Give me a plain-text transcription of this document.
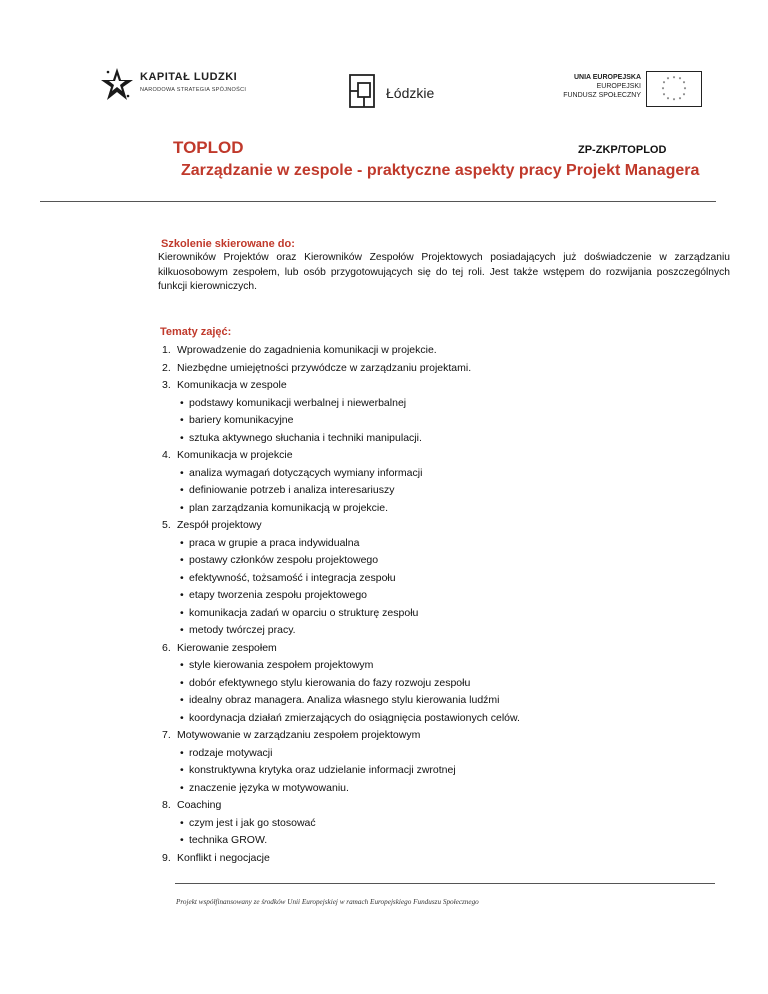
KAPITAŁ LUDZKI
NARODOWA STRATEGIA SPÓJNOŚCI	Łódzkie
UNIA EUROPEJSKA
EUROPEJSKI
FUNDUSZ SPOŁECZNY
* *
*
*
*
*
*
*
*
*
*
*
TOPLOD	ZP-ZKP/TOPLOD
Zarządzanie w zespole - praktyczne aspekty pracy Projekt Managera
Szkolenie skierowane do:
Kierowników Projektów oraz Kierowników Zespołów Projektowych posiadających już doświadczenie w zarządzaniu kilkuosobowym zespołem, lub osób przygotowujących się do tej roli. Jest także wstępem do rozwijania poszczególnych funkcji kierowniczych.
Tematy zajęć:
1. Wprowadzenie do zagadnienia komunikacji w projekcie.
2. Niezbędne umiejętności przywódcze w zarządzaniu projektami.
3. Komunikacja w zespole
• podstawy komunikacji werbalnej i niewerbalnej
• bariery komunikacyjne
• sztuka aktywnego słuchania i techniki manipulacji.
4. Komunikacja w projekcie
• analiza wymagań dotyczących wymiany informacji
• definiowanie potrzeb i analiza interesariuszy
• plan zarządzania komunikacją w projekcie.
5. Zespół projektowy
• praca w grupie a praca indywidualna
• postawy członków zespołu projektowego
• efektywność, tożsamość i integracja zespołu
• etapy tworzenia zespołu projektowego
• komunikacja zadań w oparciu o strukturę zespołu
• metody twórczej pracy.
6. Kierowanie zespołem
• style kierowania zespołem projektowym
• dobór efektywnego stylu kierowania do fazy rozwoju zespołu
• idealny obraz managera. Analiza własnego stylu kierowania ludźmi
• koordynacja działań zmierzających do osiągnięcia postawionych celów.
7. Motywowanie w zarządzaniu zespołem projektowym
• rodzaje motywacji
• konstruktywna krytyka oraz udzielanie informacji zwrotnej
• znaczenie języka w motywowaniu.
8. Coaching
• czym jest i jak go stosować
• technika GROW.
9. Konflikt i negocjacje
Projekt współfinansowany ze środków Unii Europejskiej w ramach Europejskiego Funduszu Społecznego
